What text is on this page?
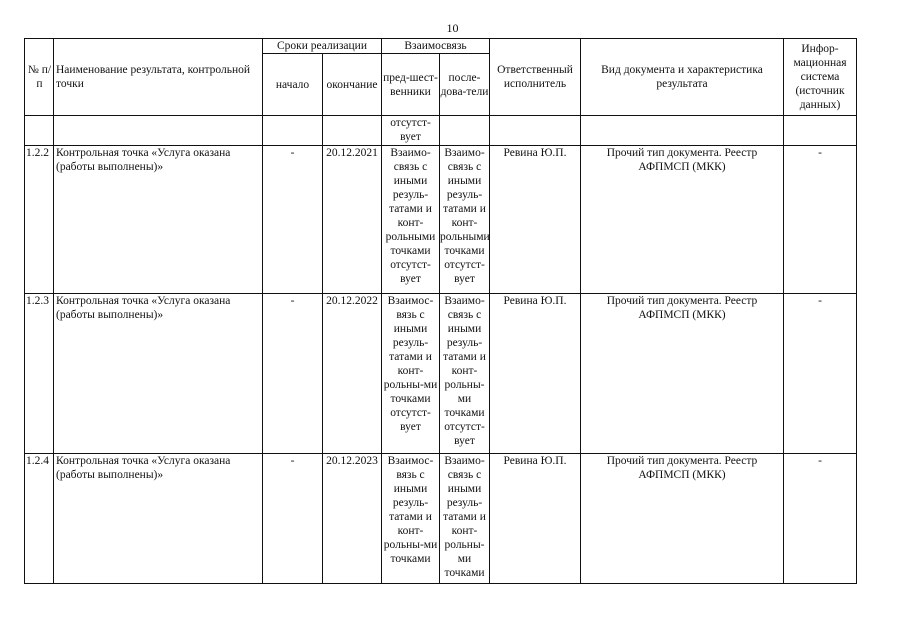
10
№ п/п	Наименование результата, контрольной точки	Сроки реализации		Взаимосвязь		Ответственный исполнитель	Вид документа и характеристика результата	Инфор-мационная система (источник данных)
		начало	окончание	пред-шест-венники	после-дова-тели			
				отсутст-вует				
1.2.2	Контрольная точка «Услуга оказана (работы выполнены)»	-	20.12.2021	Взаимо-связь с иными резуль-татами и конт-рольными точками отсутст-вует	Взаимо-связь с иными резуль-татами и конт-рольными точками отсутст-вует	Ревина Ю.П.	Прочий тип документа. Реестр АФПМСП (МКК)	-
1.2.3	Контрольная точка «Услуга оказана (работы выполнены)»	-	20.12.2022	Взаимос-вязь с иными резуль-татами и конт-рольны-ми точками отсутст-вует	Взаимо-связь с иными резуль-татами и конт-рольны-ми точками отсутст-вует	Ревина Ю.П.	Прочий тип документа. Реестр АФПМСП (МКК)	-
1.2.4	Контрольная точка «Услуга оказана (работы выполнены)»	-	20.12.2023	Взаимос-вязь с иными резуль-татами и конт-рольны-ми точками	Взаимо-связь с иными резуль-татами и конт-рольны-ми точками	Ревина Ю.П.	Прочий тип документа. Реестр АФПМСП (МКК)	-
